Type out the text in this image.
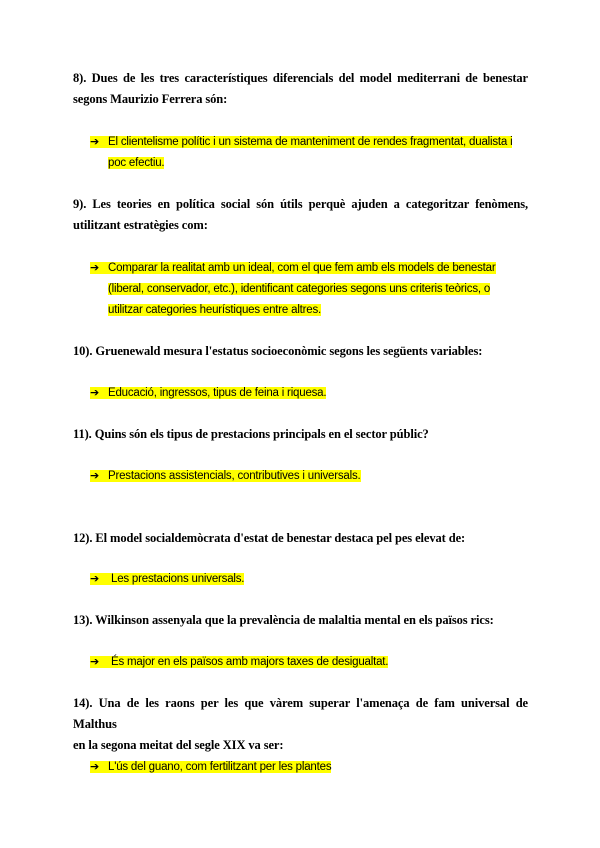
8). Dues de les tres característiques diferencials del model mediterrani de benestar
segons Maurizio Ferrera són:
➔ El clientelisme polític i un sistema de manteniment de rendes fragmentat, dualista i
poc efectiu.
9). Les teories en política social són útils perquè ajuden a categoritzar fenòmens,
utilitzant estratègies com:
➔ Comparar la realitat amb un ideal, com el que fem amb els models de benestar
(liberal, conservador, etc.), identificant categories segons uns criteris teòrics, o
utilitzar categories heurístiques entre altres.
10). Gruenewald mesura l'estatus socioeconòmic segons les següents variables:
➔ Educació, ingressos, tipus de feina i riquesa.
11). Quins són els tipus de prestacions principals en el sector públic?
➔ Prestacions assistencials, contributives i universals.
12). El model socialdemòcrata d'estat de benestar destaca pel pes elevat de:
➔ Les prestacions universals.
13). Wilkinson assenyala que la prevalència de malaltia mental en els països rics:
➔ És major en els països amb majors taxes de desigualtat.
14). Una de les raons per les que vàrem superar l'amenaça de fam universal de Malthus
en la segona meitat del segle XIX va ser:
➔ L'ús del guano, com fertilitzant per les plantes
